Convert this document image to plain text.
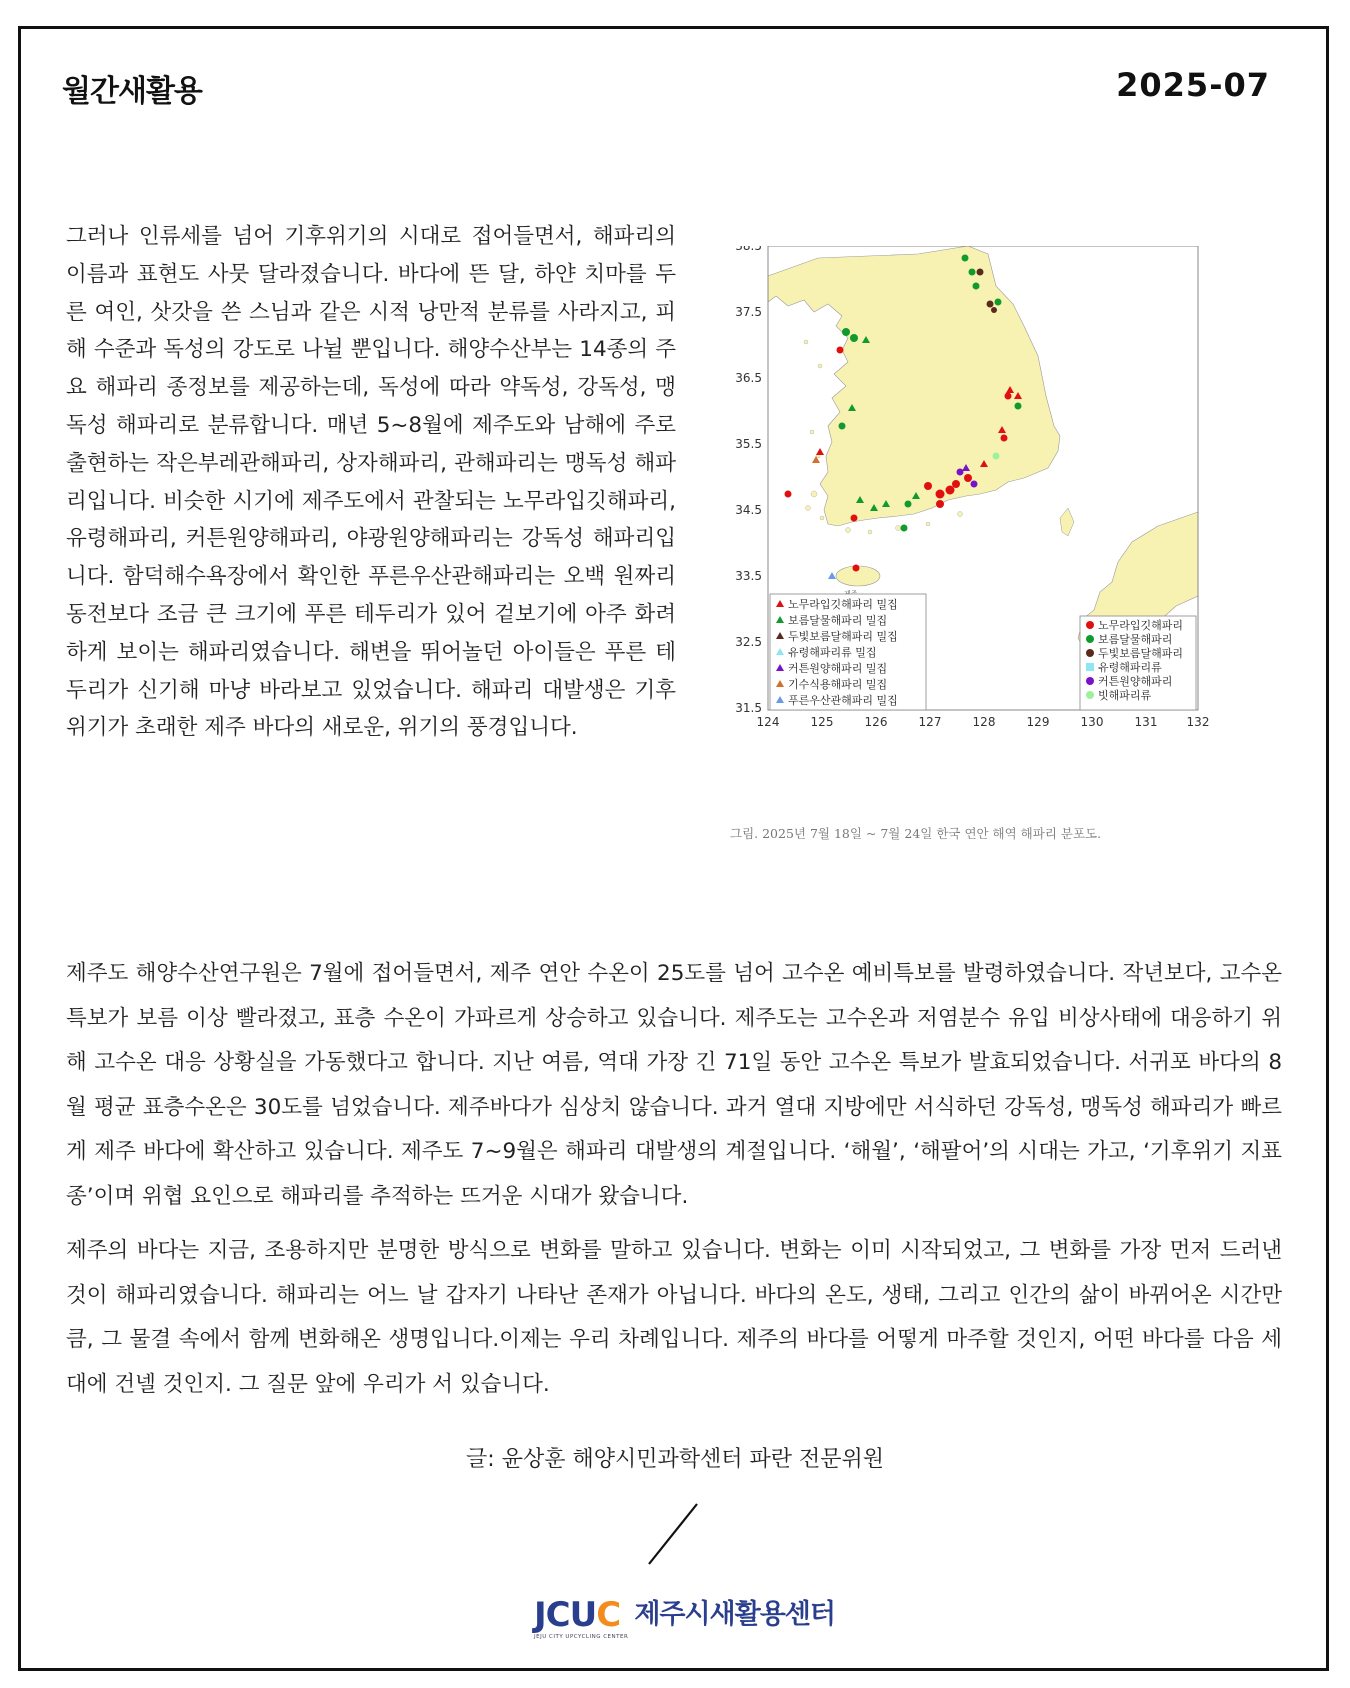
월간새활용	2025-07

그러나 인류세를 넘어 기후위기의 시대로 접어들면서, 해파리의 이름과 표현도 사뭇 달라졌습니다. 바다에 뜬 달, 하얀 치마를 두른 여인, 삿갓을 쓴 스님과 같은 시적 낭만적 분류를 사라지고, 피해 수준과 독성의 강도로 나뉠 뿐입니다. 해양수산부는 14종의 주요 해파리 종정보를 제공하는데, 독성에 따라 약독성, 강독성, 맹독성 해파리로 분류합니다. 매년 5~8월에 제주도와 남해에 주로 출현하는 작은부레관해파리, 상자해파리, 관해파리는 맹독성 해파리입니다. 비슷한 시기에 제주도에서 관찰되는 노무라입깃해파리, 유령해파리, 커튼원양해파리, 야광원양해파리는 강독성 해파리입니다. 함덕해수욕장에서 확인한 푸른우산관해파리는 오백 원짜리 동전보다 조금 큰 크기에 푸른 테두리가 있어 겉보기에 아주 화려하게 보이는 해파리였습니다. 해변을 뛰어놀던 아이들은 푸른 테두리가 신기해 마냥 바라보고 있었습니다. 해파리 대발생은 기후위기가 초래한 제주 바다의 새로운, 위기의 풍경입니다.

38.5
37.5
36.5
35.5
34.5
33.5
32.5
31.5
124	125	126	127	128	129	130	131 132
노무라입깃해파리 밀집
보름달물해파리 밀집
두빛보름달해파리 밀집
유령해파리류 밀집
커튼원양해파리 밀집
기수식용해파리 밀집
푸른우산관해파리 밀집
노무라입깃해파리
보름달물해파리
두빛보름달해파리
유령해파리류
커튼원양해파리
빗해파리류
그림. 2025년 7월 18일 ~ 7월 24일 한국 연안 해역 해파리 분포도.

제주도 해양수산연구원은 7월에 접어들면서, 제주 연안 수온이 25도를 넘어 고수온 예비특보를 발령하였습니다. 작년보다, 고수온 특보가 보름 이상 빨라졌고, 표층 수온이 가파르게 상승하고 있습니다. 제주도는 고수온과 저염분수 유입 비상사태에 대응하기 위해 고수온 대응 상황실을 가동했다고 합니다. 지난 여름, 역대 가장 긴 71일 동안 고수온 특보가 발효되었습니다. 서귀포 바다의 8월 평균 표층수온은 30도를 넘었습니다. 제주바다가 심상치 않습니다. 과거 열대 지방에만 서식하던 강독성, 맹독성 해파리가 빠르게 제주 바다에 확산하고 있습니다. 제주도 7~9월은 해파리 대발생의 계절입니다. ‘해월’, ‘해팔어’의 시대는 가고, ‘기후위기 지표종’이며 위협 요인으로 해파리를 추적하는 뜨거운 시대가 왔습니다.

제주의 바다는 지금, 조용하지만 분명한 방식으로 변화를 말하고 있습니다. 변화는 이미 시작되었고, 그 변화를 가장 먼저 드러낸 것이 해파리였습니다. 해파리는 어느 날 갑자기 나타난 존재가 아닙니다. 바다의 온도, 생태, 그리고 인간의 삶이 바뀌어온 시간만큼, 그 물결 속에서 함께 변화해온 생명입니다.이제는 우리 차례입니다. 제주의 바다를 어떻게 마주할 것인지, 어떤 바다를 다음 세대에 건넬 것인지. 그 질문 앞에 우리가 서 있습니다.

글: 윤상훈 해양시민과학센터 파란 전문위원
JCUC
JEJU CITY UPCYCLING CENTER
제주시새활용센터
